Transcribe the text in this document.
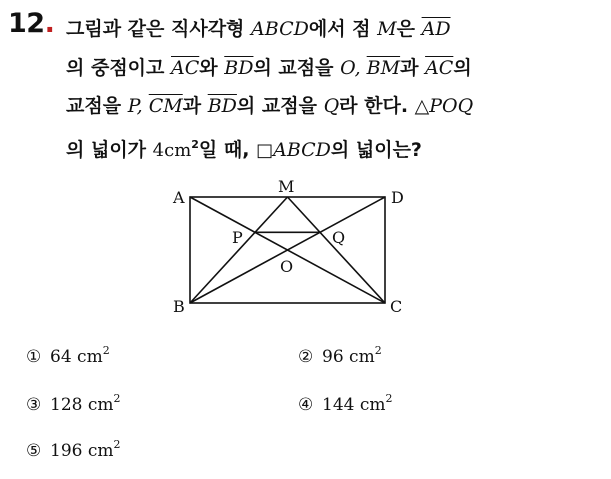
12. 그림과 같은 직사각형 ABCD에서 점 M은 $\overline{AD}$
의 중점이고 $\overline{AC}$와 $\overline{BD}$의 교점을 O, $\overline{BM}$과 $\overline{AC}$의
교점을 P, $\overline{CM}$과 $\overline{BD}$의 교점을 Q라 한다. △POQ
의 넓이가 $4cm^2$일 때, □ABCD의 넓이는?
A	D
M
B	C
P	Q
O
① 64 $cm^2$	② 96 $cm^2$
③ 128 $cm^2$	④ 144 $cm^2$
⑤ 196 $cm^2$
